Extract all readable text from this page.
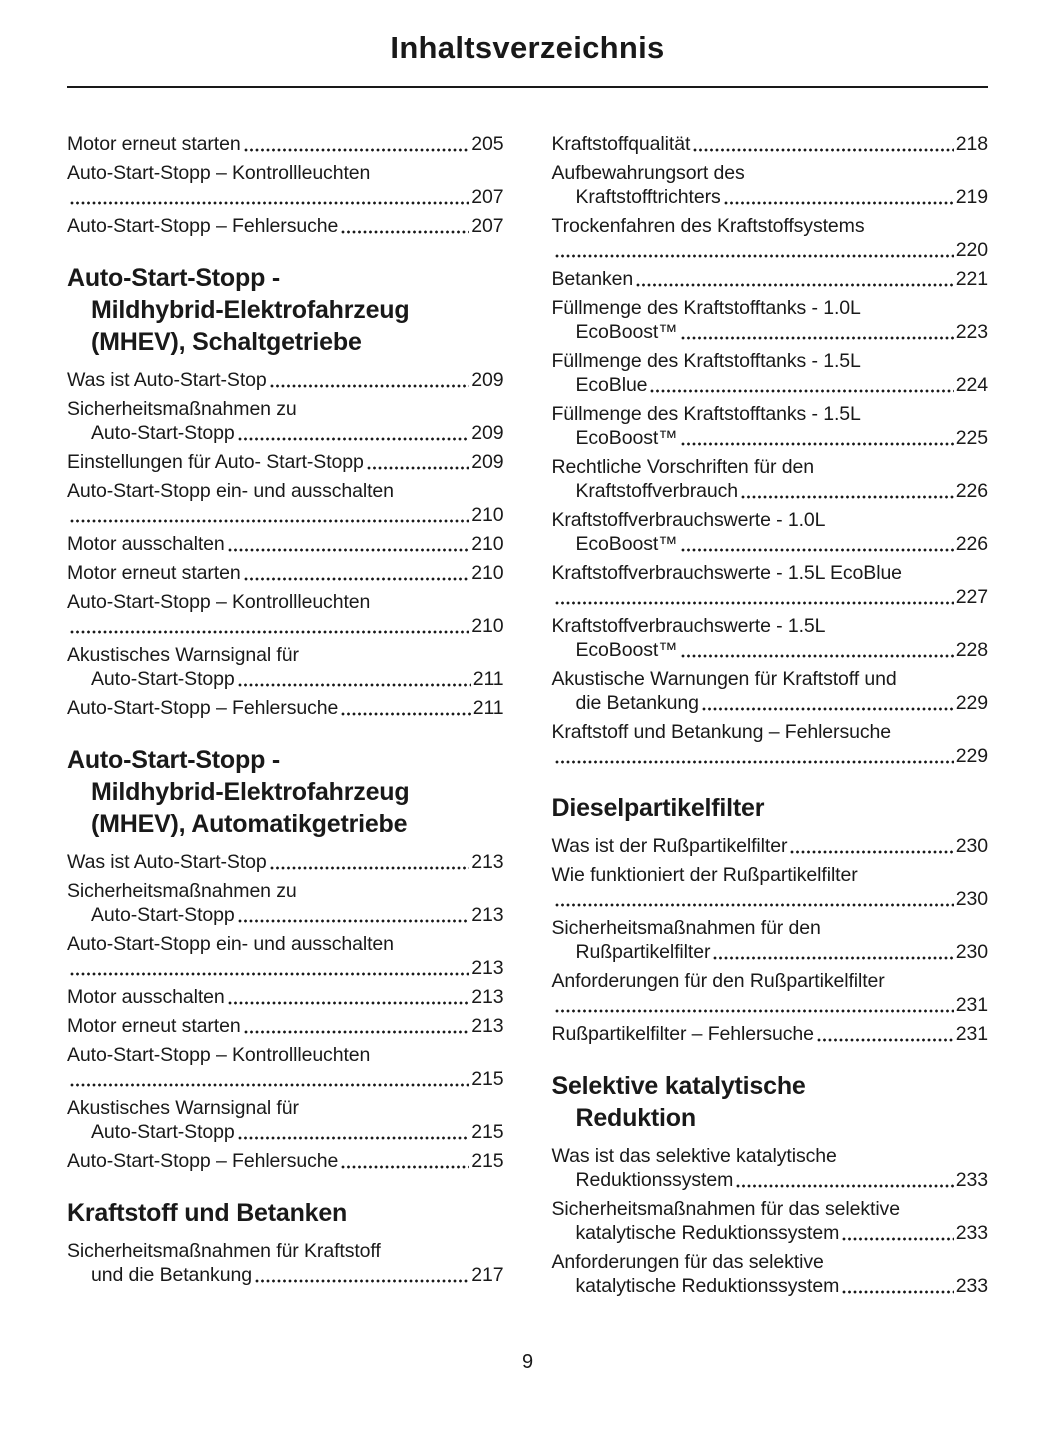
Inhaltsverzeichnis
Motor erneut starten	205
Auto-Start-Stopp – Kontrollleuchten
207
Auto-Start-Stopp – Fehlersuche	207
Auto-Start-Stopp -
Mildhybrid-Elektrofahrzeug
(MHEV), Schaltgetriebe
Was ist Auto-Start-Stop	209
Sicherheitsmaßnahmen zu
Auto-Start-Stopp	209
Einstellungen für Auto- Start-Stopp	209
Auto-Start-Stopp ein- und ausschalten
210
Motor ausschalten	210
Motor erneut starten	210
Auto-Start-Stopp – Kontrollleuchten
210
Akustisches Warnsignal für
Auto-Start-Stopp	211
Auto-Start-Stopp – Fehlersuche	211
Auto-Start-Stopp -
Mildhybrid-Elektrofahrzeug
(MHEV), Automatikgetriebe
Was ist Auto-Start-Stop	213
Sicherheitsmaßnahmen zu
Auto-Start-Stopp	213
Auto-Start-Stopp ein- und ausschalten
213
Motor ausschalten	213
Motor erneut starten	213
Auto-Start-Stopp – Kontrollleuchten
215
Akustisches Warnsignal für
Auto-Start-Stopp	215
Auto-Start-Stopp – Fehlersuche	215
Kraftstoff und Betanken
Sicherheitsmaßnahmen für Kraftstoff
und die Betankung	217
Kraftstoffqualität	218
Aufbewahrungsort des
Kraftstofftrichters	219
Trockenfahren des Kraftstoffsystems
220
Betanken	221
Füllmenge des Kraftstofftanks - 1.0L
EcoBoost™	223
Füllmenge des Kraftstofftanks - 1.5L
EcoBlue	224
Füllmenge des Kraftstofftanks - 1.5L
EcoBoost™	225
Rechtliche Vorschriften für den
Kraftstoffverbrauch	226
Kraftstoffverbrauchswerte - 1.0L
EcoBoost™	226
Kraftstoffverbrauchswerte - 1.5L EcoBlue
227
Kraftstoffverbrauchswerte - 1.5L
EcoBoost™	228
Akustische Warnungen für Kraftstoff und
die Betankung	229
Kraftstoff und Betankung – Fehlersuche
229
Dieselpartikelfilter
Was ist der Rußpartikelfilter	230
Wie funktioniert der Rußpartikelfilter
230
Sicherheitsmaßnahmen für den
Rußpartikelfilter	230
Anforderungen für den Rußpartikelfilter
231
Rußpartikelfilter – Fehlersuche	231
Selektive katalytische
Reduktion
Was ist das selektive katalytische
Reduktionssystem	233
Sicherheitsmaßnahmen für das selektive
katalytische Reduktionssystem	233
Anforderungen für das selektive
katalytische Reduktionssystem	233
9
